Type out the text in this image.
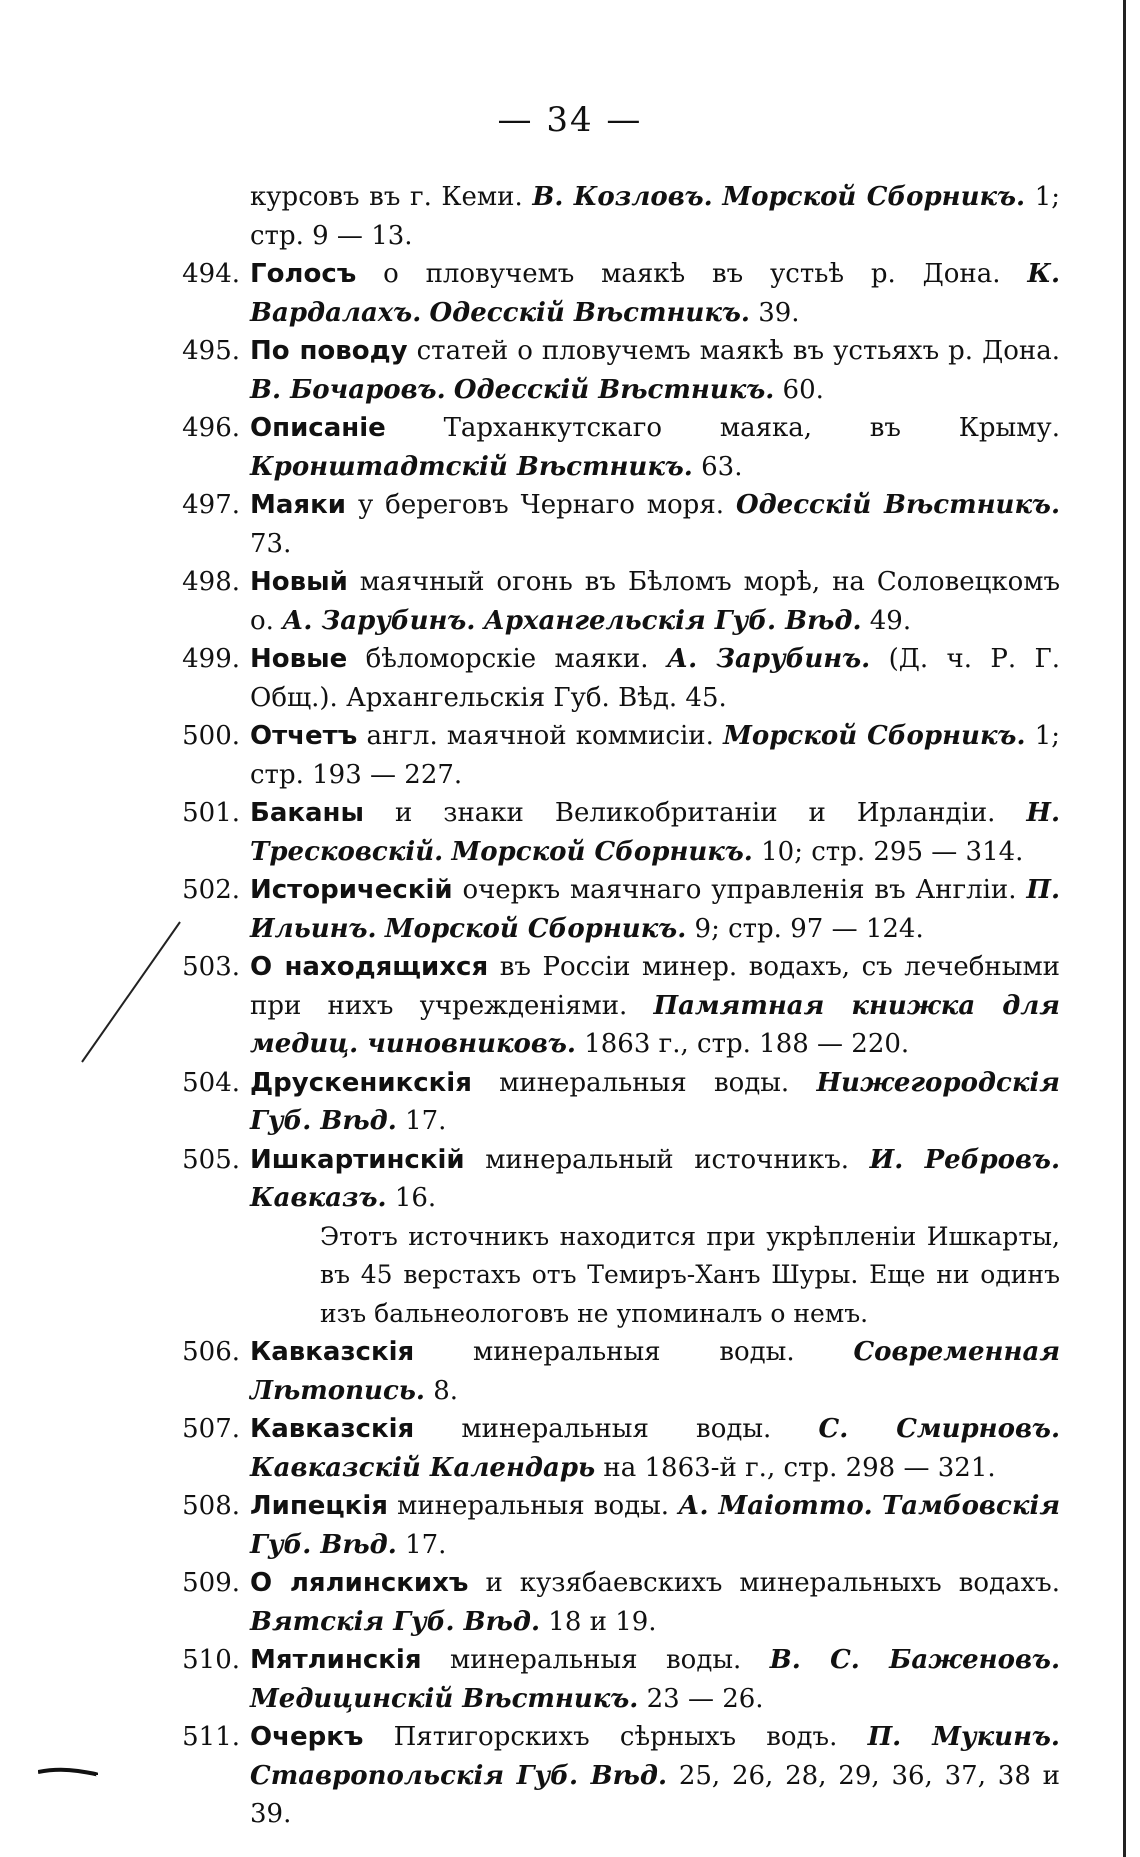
— 34 —
курсовъ въ г. Кеми. В. Козловъ. Морской Сборникъ. 1; стр. 9 — 13.
494. Голосъ о пловучемъ маякѣ въ устьѣ р. Дона. К. Вардалахъ. Одесскій Вѣстникъ. 39.
495. По поводу статей о пловучемъ маякѣ въ устьяхъ р. Дона. В. Бочаровъ. Одесскій Вѣстникъ. 60.
496. Описаніе Тарханкутскаго маяка, въ Крыму. Кронштадтскій Вѣстникъ. 63.
497. Маяки у береговъ Чернаго моря. Одесскій Вѣстникъ. 73.
498. Новый маячный огонь въ Бѣломъ морѣ, на Соловецкомъ о. А. Зарубинъ. Архангельскія Губ. Вѣд. 49.
499. Новые бѣломорскіе маяки. А. Зарубинъ. (Д. ч. Р. Г. Общ.). Архангельскія Губ. Вѣд. 45.
500. Отчетъ англ. маячной коммисіи. Морской Сборникъ. 1; стр. 193 — 227.
501. Баканы и знаки Великобританіи и Ирландіи. Н. Тресковскій. Морской Сборникъ. 10; стр. 295 — 314.
502. Историческій очеркъ маячнаго управленія въ Англіи. П. Ильинъ. Морской Сборникъ. 9; стр. 97 — 124.
503. О находящихся въ Россіи минер. водахъ, съ лечебными при нихъ учрежденіями. Памятная книжка для медиц. чиновниковъ. 1863 г., стр. 188 — 220.
504. Друскеникскія минеральныя воды. Нижегородскія Губ. Вѣд. 17.
505. Ишкартинскій минеральный источникъ. И. Ребровъ. Кавказъ. 16.

Этотъ источникъ находится при укрѣпленіи Ишкарты, въ 45 верстахъ отъ Темиръ-Ханъ Шуры. Еще ни одинъ изъ бальнеологовъ не упоминалъ о немъ.

506. Кавказскія минеральныя воды. Современная Лѣтопись. 8.
507. Кавказскія минеральныя воды. С. Смирновъ. Кавказскій Календарь на 1863-й г., стр. 298 — 321.
508. Липецкія минеральныя воды. А. Маіотто. Тамбовскія Губ. Вѣд. 17.
509. О лялинскихъ и кузябаевскихъ минеральныхъ водахъ. Вятскія Губ. Вѣд. 18 и 19.
510. Мятлинскія минеральныя воды. В. С. Баженовъ. Медицинскій Вѣстникъ. 23 — 26.
511. Очеркъ Пятигорскихъ сѣрныхъ водъ. П. Мукинъ. Ставропольскія Губ. Вѣд. 25, 26, 28, 29, 36, 37, 38 и 39.
